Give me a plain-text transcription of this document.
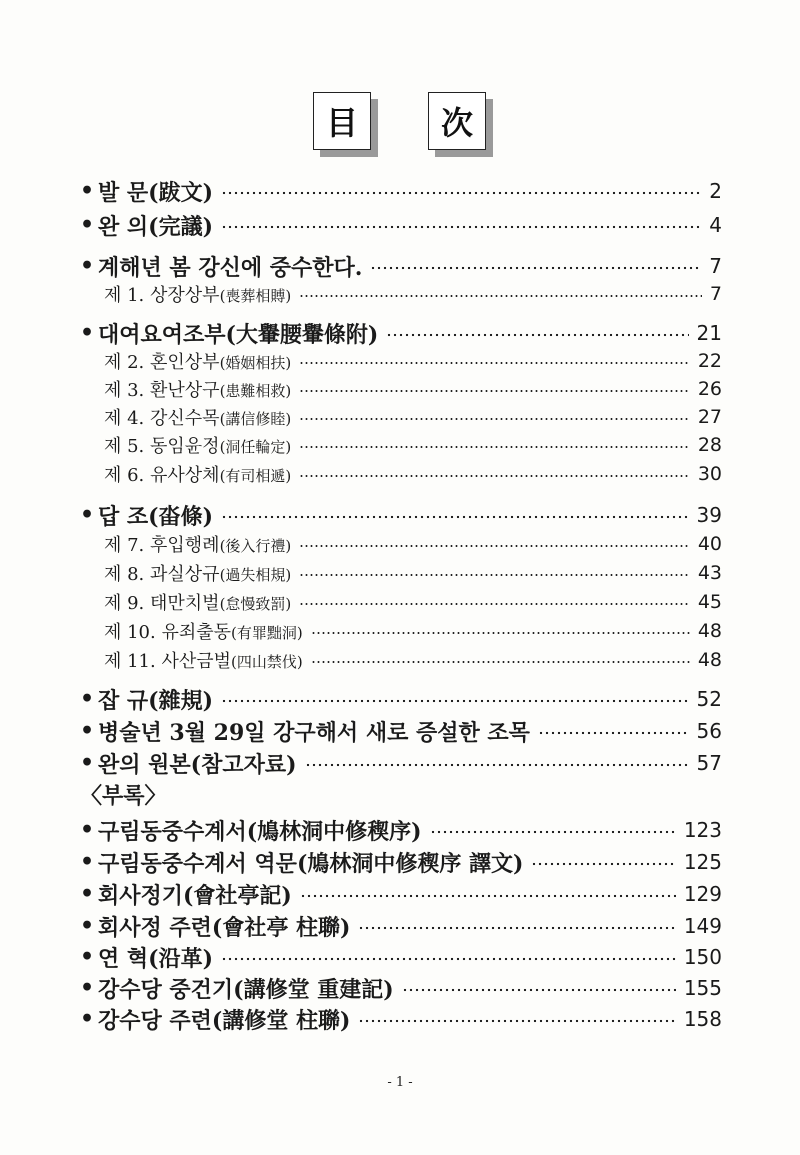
目	次
• 발 문(跋文)	2
• 완 의(完議)	4
• 계해년 봄 강신에 중수한다.	7
제 1. 상장상부(喪葬相賻)	7
• 대여요여조부(大轝腰轝條附)	21
제 2. 혼인상부(婚姻相扶)	22
제 3. 환난상구(患難相救)	26
제 4. 강신수목(講信修睦)	27
제 5. 동임윤정(洞任輪定)	28
제 6. 유사상체(有司相遞)	30
• 답 조(畓條)	39
제 7. 후입행례(後入行禮)	40
제 8. 과실상규(過失相規)	43
제 9. 태만치벌(怠慢致罰)	45
제 10. 유죄출동(有罪黜洞)	48
제 11. 사산금벌(四山禁伐)	48
• 잡 규(雜規)	52
• 병술년 3월 29일 강구해서 새로 증설한 조목	56
• 완의 원본(참고자료)	57
〈부록〉
• 구림동중수계서(鳩林洞中修稧序)	123
• 구림동중수계서 역문(鳩林洞中修稧序 譯文)	125
• 회사정기(會社亭記)	129
• 회사정 주련(會社亭 柱聯)	149
• 연 혁(沿革)	150
• 강수당 중건기(講修堂 重建記)	155
• 강수당 주련(講修堂 柱聯)	158
- 1 -
